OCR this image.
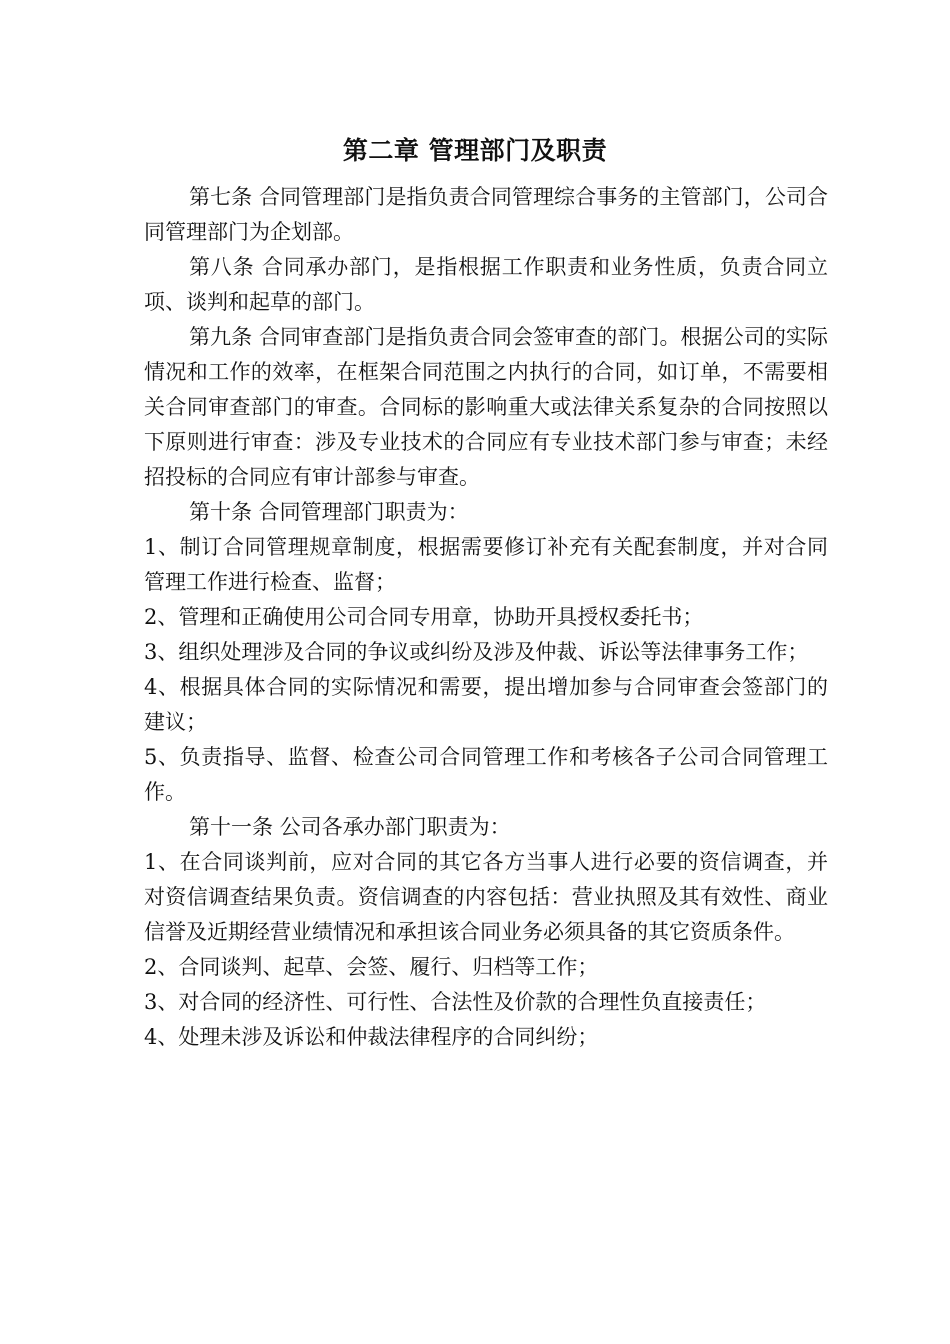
第二章 管理部门及职责

第七条 合同管理部门是指负责合同管理综合事务的主管部门，公司合同管理部门为企划部。

第八条 合同承办部门，是指根据工作职责和业务性质，负责合同立项、谈判和起草的部门。

第九条 合同审查部门是指负责合同会签审查的部门。根据公司的实际情况和工作的效率，在框架合同范围之内执行的合同，如订单，不需要相关合同审查部门的审查。合同标的影响重大或法律关系复杂的合同按照以下原则进行审查：涉及专业技术的合同应有专业技术部门参与审查；未经招投标的合同应有审计部参与审查。

第十条 合同管理部门职责为：

1、制订合同管理规章制度，根据需要修订补充有关配套制度，并对合同管理工作进行检查、监督；

2、管理和正确使用公司合同专用章，协助开具授权委托书；

3、组织处理涉及合同的争议或纠纷及涉及仲裁、诉讼等法律事务工作；

4、根据具体合同的实际情况和需要，提出增加参与合同审查会签部门的建议；

5、负责指导、监督、检查公司合同管理工作和考核各子公司合同管理工作。

第十一条 公司各承办部门职责为：

1、在合同谈判前，应对合同的其它各方当事人进行必要的资信调查，并对资信调查结果负责。资信调查的内容包括：营业执照及其有效性、商业信誉及近期经营业绩情况和承担该合同业务必须具备的其它资质条件。

2、合同谈判、起草、会签、履行、归档等工作；

3、对合同的经济性、可行性、合法性及价款的合理性负直接责任；

4、处理未涉及诉讼和仲裁法律程序的合同纠纷；
